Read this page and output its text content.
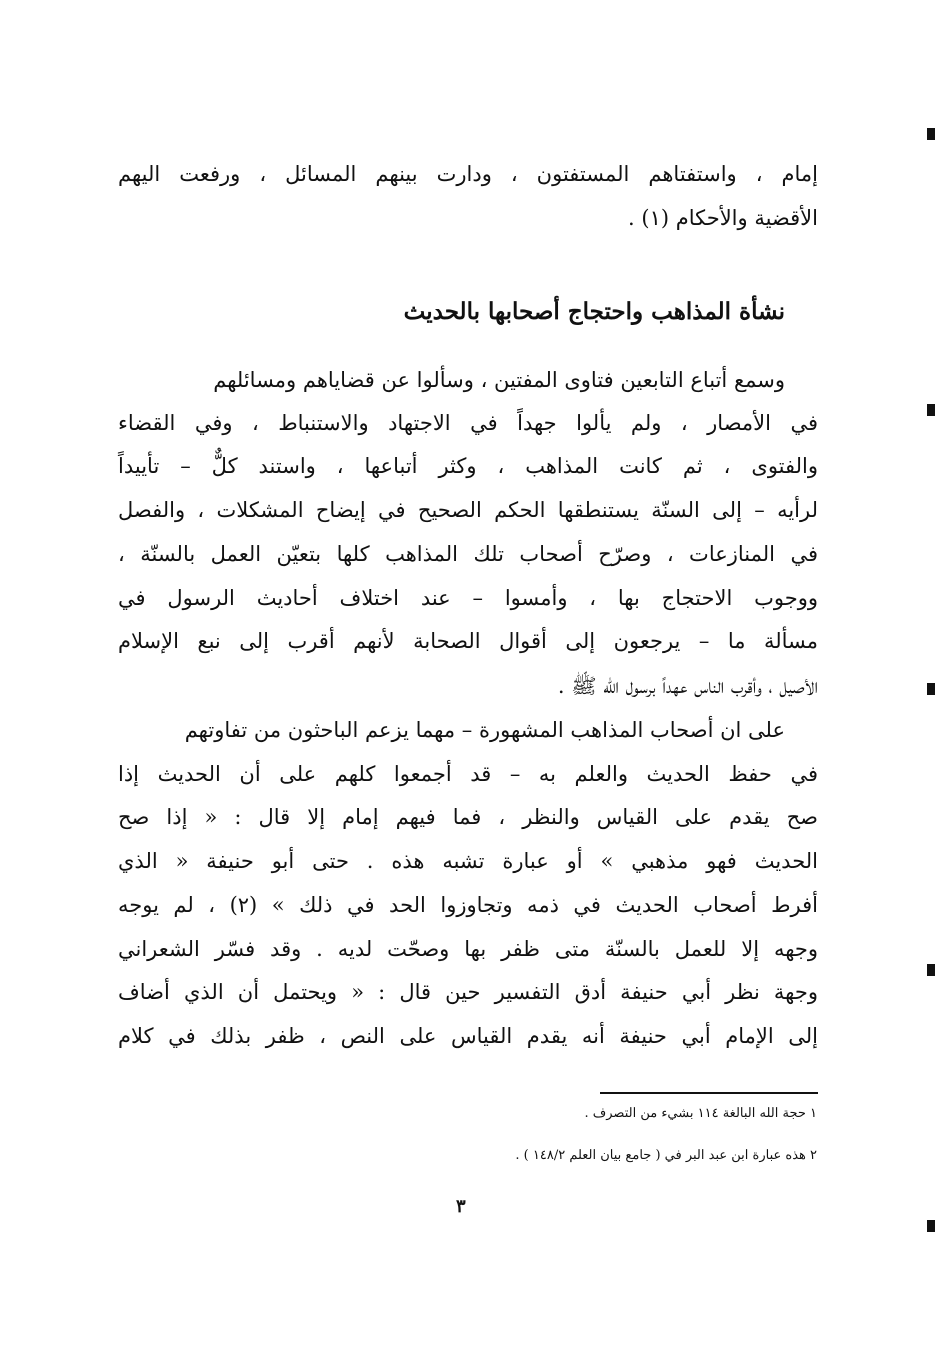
إمام ، واستفتاهم المستفتون ، ودارت بينهم المسائل ، ورفعت اليهم
الأقضية والأحكام (١) .
نشأة المذاهب واحتجاج أصحابها بالحديث
وسمع أتباع التابعين فتاوى المفتين ، وسألوا عن قضاياهم ومسائلهم
في الأمصار ، ولم يألوا جهداً في الاجتهاد والاستنباط ، وفي القضاء
والفتوى ، ثم كانت المذاهب ، وكثر أتباعها ، واستند كلٌّ – تأييداً
لرأيه – إلى السنّة يستنطقها الحكم الصحيح في إيضاح المشكلات ، والفصل
في المنازعات ، وصرّح أصحاب تلك المذاهب كلها بتعيّن العمل بالسنّة ،
ووجوب الاحتجاج بها ، وأمسوا – عند اختلاف أحاديث الرسول في
مسألة ما – يرجعون إلى أقوال الصحابة لأنهم أقرب إلى نبع الإسلام
الأصيل ، وأقرب الناس عهداً برسول الله ﷺ .
على ان أصحاب المذاهب المشهورة – مهما يزعم الباحثون من تفاوتهم
في حفظ الحديث والعلم به – قد أجمعوا كلهم على أن الحديث إذا
صح يقدم على القياس والنظر ، فما فيهم إمام إلا قال : « إذا صح
الحديث فهو مذهبي » أو عبارة تشبه هذه . حتى أبو حنيفة « الذي
أفرط أصحاب الحديث في ذمه وتجاوزوا الحد في ذلك » (٢) ، لم يوجه
وجهه إلا للعمل بالسنّة متى ظفر بها وصحّت لديه . وقد فسّر الشعراني
وجهة نظر أبي حنيفة أدق التفسير حين قال : « ويحتمل أن الذي أضاف
إلى الإمام أبي حنيفة أنه يقدم القياس على النص ، ظفر بذلك في كلام
١ حجة الله البالغة ١١٤ بشيء من التصرف .
٢ هذه عبارة ابن عبد البر في ( جامع بيان العلم ١٤٨/٢ ) .
٣
